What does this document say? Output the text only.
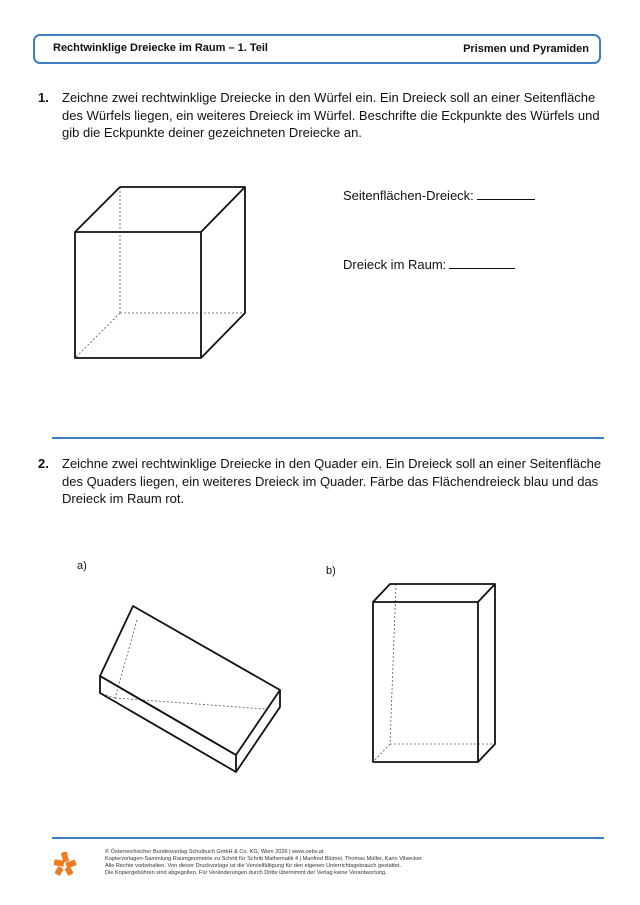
Rechtwinklige Dreiecke im Raum – 1. Teil	Prismen und Pyramiden
1. Zeichne zwei rechtwinklige Dreiecke in den Würfel ein. Ein Dreieck soll an einer Seitenfläche
des Würfels liegen, ein weiteres Dreieck im Würfel. Beschrifte die Eckpunkte des Würfels und
gib die Eckpunkte deiner gezeichneten Dreiecke an.
Seitenflächen-Dreieck:
Dreieck im Raum:
2. Zeichne zwei rechtwinklige Dreiecke in den Quader ein. Ein Dreieck soll an einer Seitenfläche
des Quaders liegen, ein weiteres Dreieck im Quader. Färbe das Flächendreieck blau und das
Dreieck im Raum rot.
a)	b)
© Österreichischer Bundesverlag Schulbuch GmbH & Co. KG, Wien 2026 | www.oebv.at
Kopiervorlagen-Sammlung Raumgeometrie zu Schritt für Schritt Mathematik 4 | Manfred Blümel, Thomas Müller, Karin Vilsecker
Alle Rechte vorbehalten. Von dieser Druckvorlage ist die Vervielfältigung für den eigenen Unterrichtsgebrauch gestattet.
Die Kopiergebühren sind abgegolten. Für Veränderungen durch Dritte übernimmt der Verlag keine Verantwortung.
